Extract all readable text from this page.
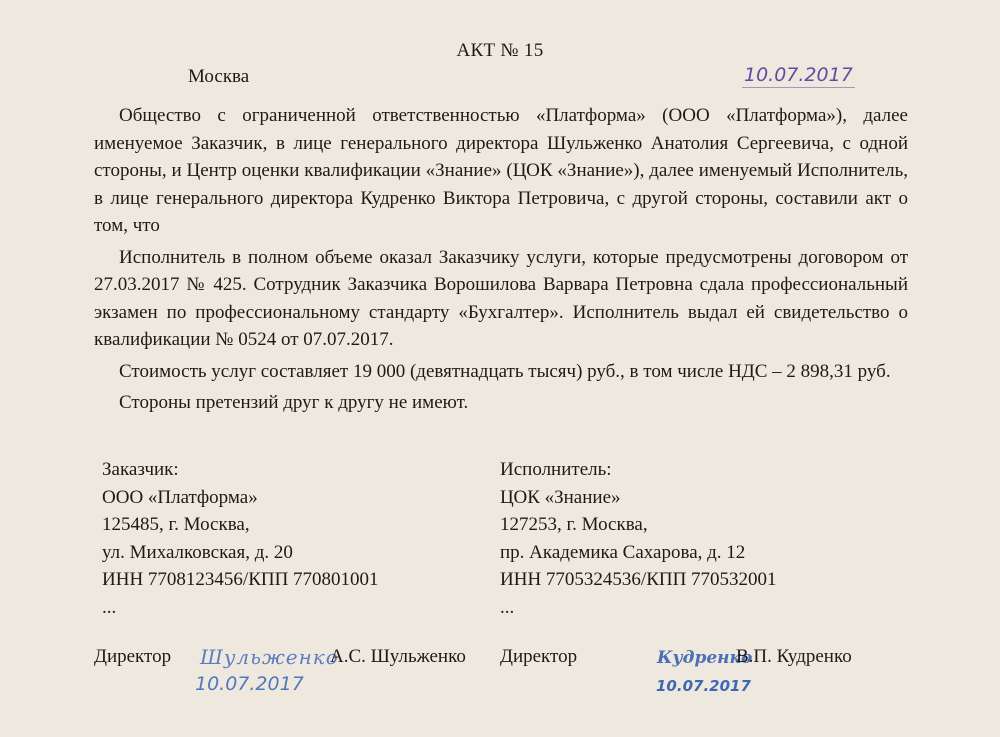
АКТ № 15
Москва	10.07.2017

Общество с ограниченной ответственностью «Платформа» (ООО «Платформа»), далее именуемое Заказчик, в лице генерального директора Шульженко Анатолия Сергеевича, с одной стороны, и Центр оценки квалификации «Знание» (ЦОК «Знание»), далее именуемый Исполнитель, в лице генерального директора Кудренко Виктора Петровича, с другой стороны, составили акт о том, что

Исполнитель в полном объеме оказал Заказчику услуги, которые предусмотрены договором от 27.03.2017 № 425. Сотрудник Заказчика Ворошилова Варвара Петровна сдала профессиональный экзамен по профессиональному стандарту «Бухгалтер». Исполнитель выдал ей свидетельство о квалификации № 0524 от 07.07.2017.

Стоимость услуг составляет 19 000 (девятнадцать тысяч) руб., в том числе НДС – 2 898,31 руб.

Стороны претензий друг к другу не имеют.

Заказчик:
ООО «Платформа»
125485, г. Москва,
ул. Михалковская, д. 20
ИНН 7708123456/КПП 770801001
...
Исполнитель:
ЦОК «Знание»
127253, г. Москва,
пр. Академика Сахарова, д. 12
ИНН 7705324536/КПП 770532001
...
Директор Шульженко
А.С. Шульженко
10.07.2017
Директор	Кудренко
В.П. Кудренко
10.07.2017
